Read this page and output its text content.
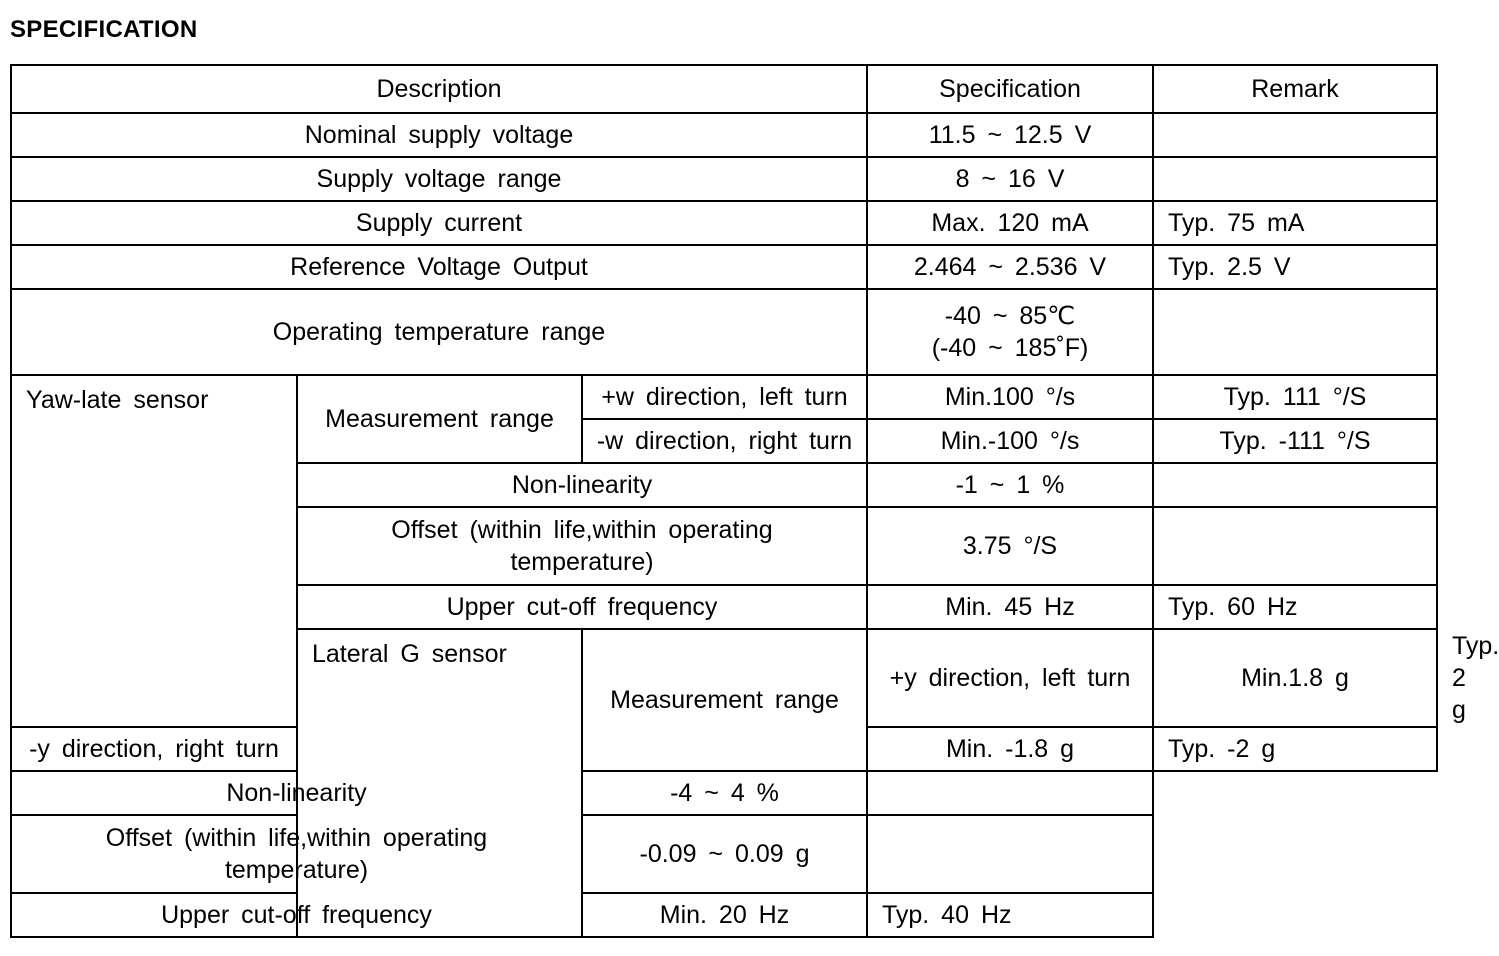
SPECIFICATION
Description			Specification	Remark	
Nominal supply voltage			11.5 ~ 12.5 V		
Supply voltage range			8 ~ 16 V		
Supply current			Max. 120 mA	Typ. 75 mA	
Reference Voltage Output			2.464 ~ 2.536 V	Typ. 2.5 V	
Operating temperature range			-40 ~ 85℃
(-40 ~ 185˚F)		

Yaw-late sensor	Measurement range	+w direction, left turn	Min.100 °/s	Typ. 111 °/S	
		-w direction, right turn	Min.-100 °/s	Typ. -111 °/S	
	Non-linearity		-1 ~ 1 %		

	Offset (within life,within operating
temperature)		3.75 °/S		
	Upper cut-off frequency		Min. 45 Hz	Typ. 60 Hz	
	Lateral G sensor	Measurement range	+y direction, left turn	Min.1.8 g	Typ. 2 g
-y direction, right turn			Min. -1.8 g	Typ. -2 g	
Non-linearity		-4 ~ 4 %			

Offset (within life,within operating
temperature)		-0.09 ~ 0.09 g			
Upper cut-off frequency		Min. 20 Hz	Typ. 40 Hz		
